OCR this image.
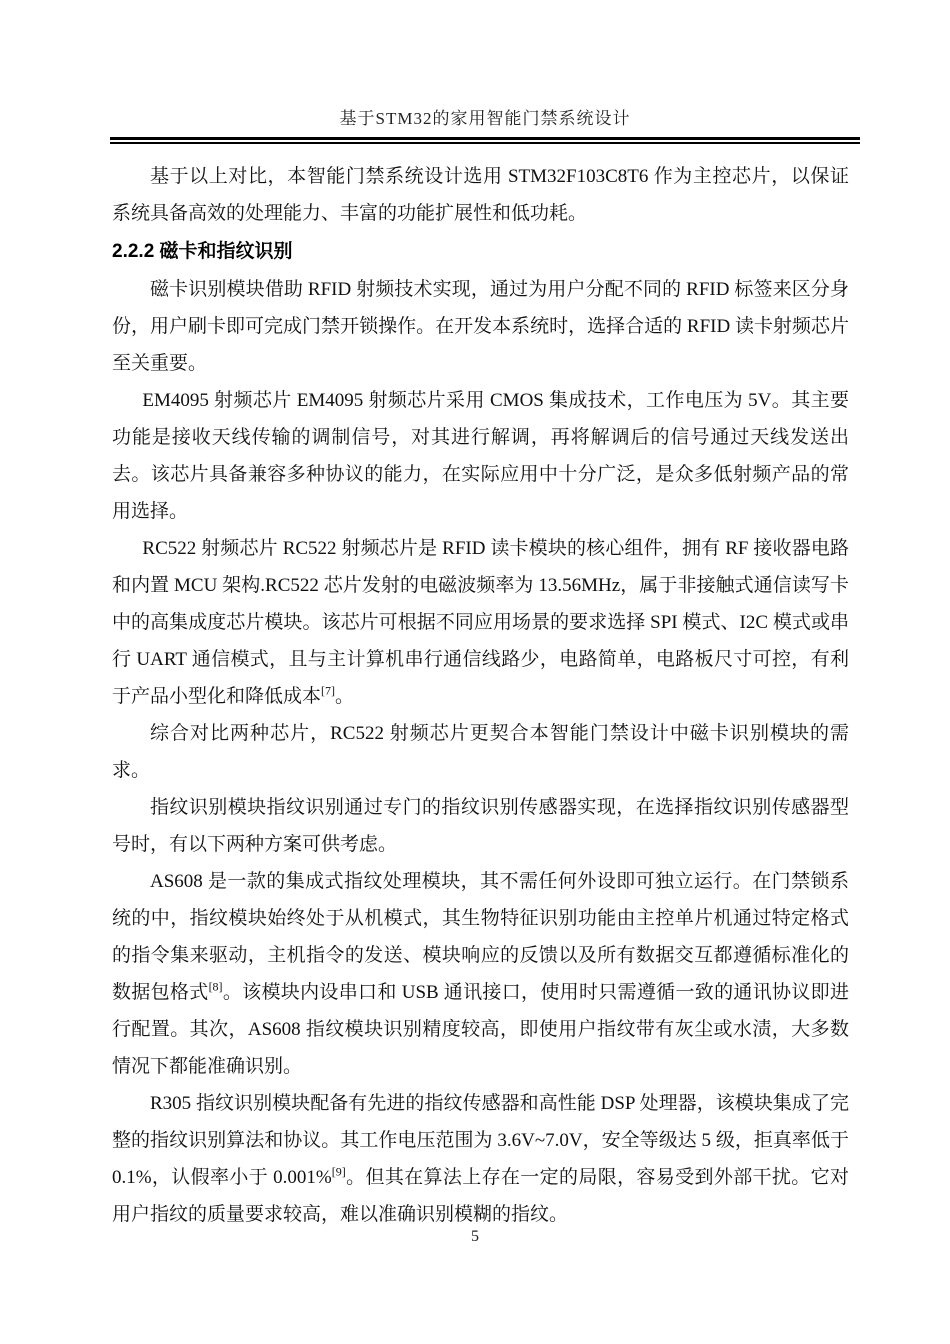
基于STM32的家用智能门禁系统设计

基于以上对比，本智能门禁系统设计选用 STM32F103C8T6 作为主控芯片，以保证系统具备高效的处理能力、丰富的功能扩展性和低功耗。

2.2.2 磁卡和指纹识别

磁卡识别模块借助 RFID 射频技术实现，通过为用户分配不同的 RFID 标签来区分身份，用户刷卡即可完成门禁开锁操作。在开发本系统时，选择合适的 RFID 读卡射频芯片至关重要。

EM4095 射频芯片 EM4095 射频芯片采用 CMOS 集成技术，工作电压为 5V。其主要功能是接收天线传输的调制信号，对其进行解调，再将解调后的信号通过天线发送出去。该芯片具备兼容多种协议的能力，在实际应用中十分广泛，是众多低射频产品的常用选择。

RC522 射频芯片 RC522 射频芯片是 RFID 读卡模块的核心组件，拥有 RF 接收器电路和内置 MCU 架构.RC522 芯片发射的电磁波频率为 13.56MHz，属于非接触式通信读写卡中的高集成度芯片模块。该芯片可根据不同应用场景的要求选择 SPI 模式、I2C 模式或串行 UART 通信模式，且与主计算机串行通信线路少，电路简单，电路板尺寸可控，有利于产品小型化和降低成本[7]。

综合对比两种芯片，RC522 射频芯片更契合本智能门禁设计中磁卡识别模块的需求。

指纹识别模块指纹识别通过专门的指纹识别传感器实现，在选择指纹识别传感器型号时，有以下两种方案可供考虑。

AS608 是一款的集成式指纹处理模块，其不需任何外设即可独立运行。在门禁锁系统的中，指纹模块始终处于从机模式，其生物特征识别功能由主控单片机通过特定格式的指令集来驱动，主机指令的发送、模块响应的反馈以及所有数据交互都遵循标准化的数据包格式[8]。该模块内设串口和 USB 通讯接口，使用时只需遵循一致的通讯协议即进行配置。其次，AS608 指纹模块识别精度较高，即使用户指纹带有灰尘或水渍，大多数情况下都能准确识别。

R305 指纹识别模块配备有先进的指纹传感器和高性能 DSP 处理器，该模块集成了完整的指纹识别算法和协议。其工作电压范围为 3.6V~7.0V，安全等级达 5 级，拒真率低于 0.1%，认假率小于 0.001%[9]。但其在算法上存在一定的局限，容易受到外部干扰。它对用户指纹的质量要求较高，难以准确识别模糊的指纹。

5
